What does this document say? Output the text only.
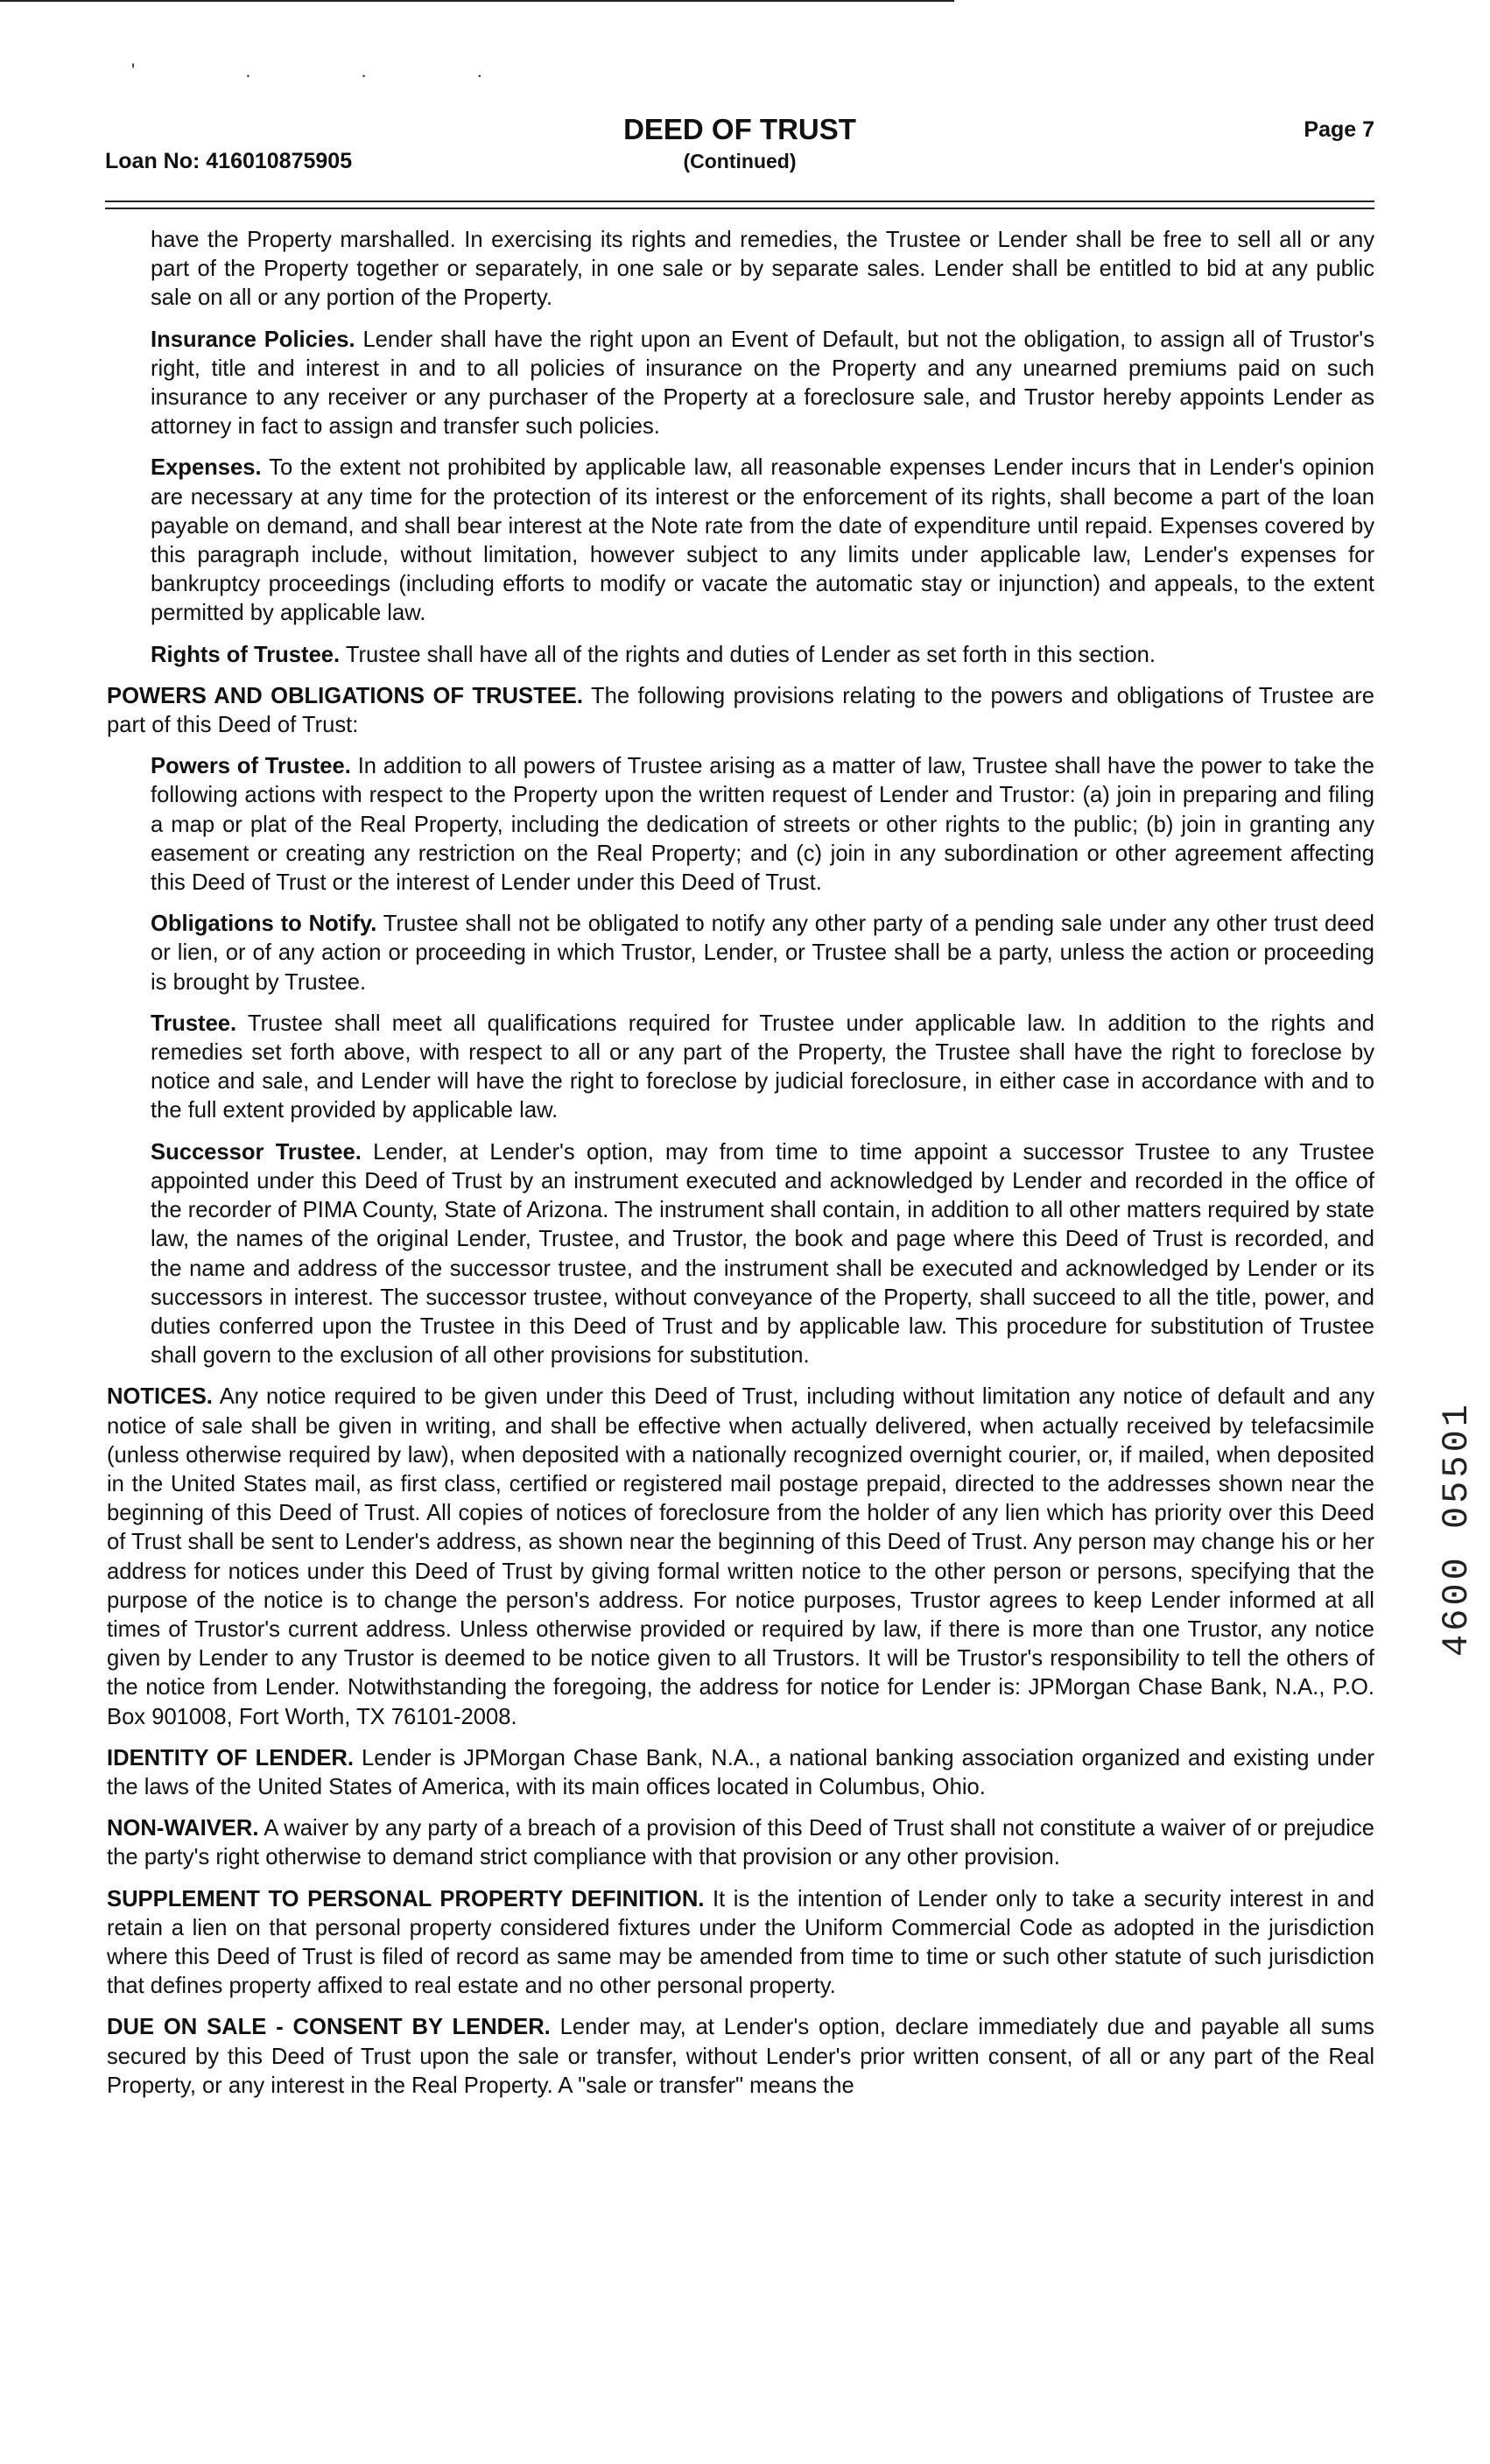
' . . .
DEED OF TRUST
(Continued)
Loan No: 416010875905
Page 7

have the Property marshalled. In exercising its rights and remedies, the Trustee or Lender shall be free to sell all or any part of the Property together or separately, in one sale or by separate sales. Lender shall be entitled to bid at any public sale on all or any portion of the Property.

Insurance Policies. Lender shall have the right upon an Event of Default, but not the obligation, to assign all of Trustor's right, title and interest in and to all policies of insurance on the Property and any unearned premiums paid on such insurance to any receiver or any purchaser of the Property at a foreclosure sale, and Trustor hereby appoints Lender as attorney in fact to assign and transfer such policies.

Expenses. To the extent not prohibited by applicable law, all reasonable expenses Lender incurs that in Lender's opinion are necessary at any time for the protection of its interest or the enforcement of its rights, shall become a part of the loan payable on demand, and shall bear interest at the Note rate from the date of expenditure until repaid. Expenses covered by this paragraph include, without limitation, however subject to any limits under applicable law, Lender's expenses for bankruptcy proceedings (including efforts to modify or vacate the automatic stay or injunction) and appeals, to the extent permitted by applicable law.

Rights of Trustee. Trustee shall have all of the rights and duties of Lender as set forth in this section.

POWERS AND OBLIGATIONS OF TRUSTEE. The following provisions relating to the powers and obligations of Trustee are part of this Deed of Trust:

Powers of Trustee. In addition to all powers of Trustee arising as a matter of law, Trustee shall have the power to take the following actions with respect to the Property upon the written request of Lender and Trustor: (a) join in preparing and filing a map or plat of the Real Property, including the dedication of streets or other rights to the public; (b) join in granting any easement or creating any restriction on the Real Property; and (c) join in any subordination or other agreement affecting this Deed of Trust or the interest of Lender under this Deed of Trust.

Obligations to Notify. Trustee shall not be obligated to notify any other party of a pending sale under any other trust deed or lien, or of any action or proceeding in which Trustor, Lender, or Trustee shall be a party, unless the action or proceeding is brought by Trustee.

Trustee. Trustee shall meet all qualifications required for Trustee under applicable law. In addition to the rights and remedies set forth above, with respect to all or any part of the Property, the Trustee shall have the right to foreclose by notice and sale, and Lender will have the right to foreclose by judicial foreclosure, in either case in accordance with and to the full extent provided by applicable law.

Successor Trustee. Lender, at Lender's option, may from time to time appoint a successor Trustee to any Trustee appointed under this Deed of Trust by an instrument executed and acknowledged by Lender and recorded in the office of the recorder of PIMA County, State of Arizona. The instrument shall contain, in addition to all other matters required by state law, the names of the original Lender, Trustee, and Trustor, the book and page where this Deed of Trust is recorded, and the name and address of the successor trustee, and the instrument shall be executed and acknowledged by Lender or its successors in interest. The successor trustee, without conveyance of the Property, shall succeed to all the title, power, and duties conferred upon the Trustee in this Deed of Trust and by applicable law. This procedure for substitution of Trustee shall govern to the exclusion of all other provisions for substitution.

NOTICES. Any notice required to be given under this Deed of Trust, including without limitation any notice of default and any notice of sale shall be given in writing, and shall be effective when actually delivered, when actually received by telefacsimile (unless otherwise required by law), when deposited with a nationally recognized overnight courier, or, if mailed, when deposited in the United States mail, as first class, certified or registered mail postage prepaid, directed to the addresses shown near the beginning of this Deed of Trust. All copies of notices of foreclosure from the holder of any lien which has priority over this Deed of Trust shall be sent to Lender's address, as shown near the beginning of this Deed of Trust. Any person may change his or her address for notices under this Deed of Trust by giving formal written notice to the other person or persons, specifying that the purpose of the notice is to change the person's address. For notice purposes, Trustor agrees to keep Lender informed at all times of Trustor's current address. Unless otherwise provided or required by law, if there is more than one Trustor, any notice given by Lender to any Trustor is deemed to be notice given to all Trustors. It will be Trustor's responsibility to tell the others of the notice from Lender. Notwithstanding the foregoing, the address for notice for Lender is: JPMorgan Chase Bank, N.A., P.O. Box 901008, Fort Worth, TX 76101-2008.

IDENTITY OF LENDER. Lender is JPMorgan Chase Bank, N.A., a national banking association organized and existing under the laws of the United States of America, with its main offices located in Columbus, Ohio.

NON-WAIVER. A waiver by any party of a breach of a provision of this Deed of Trust shall not constitute a waiver of or prejudice the party's right otherwise to demand strict compliance with that provision or any other provision.

SUPPLEMENT TO PERSONAL PROPERTY DEFINITION. It is the intention of Lender only to take a security interest in and retain a lien on that personal property considered fixtures under the Uniform Commercial Code as adopted in the jurisdiction where this Deed of Trust is filed of record as same may be amended from time to time or such other statute of such jurisdiction that defines property affixed to real estate and no other personal property.

DUE ON SALE - CONSENT BY LENDER. Lender may, at Lender's option, declare immediately due and payable all sums secured by this Deed of Trust upon the sale or transfer, without Lender's prior written consent, of all or any part of the Real Property, or any interest in the Real Property. A "sale or transfer" means the

4600 05501
